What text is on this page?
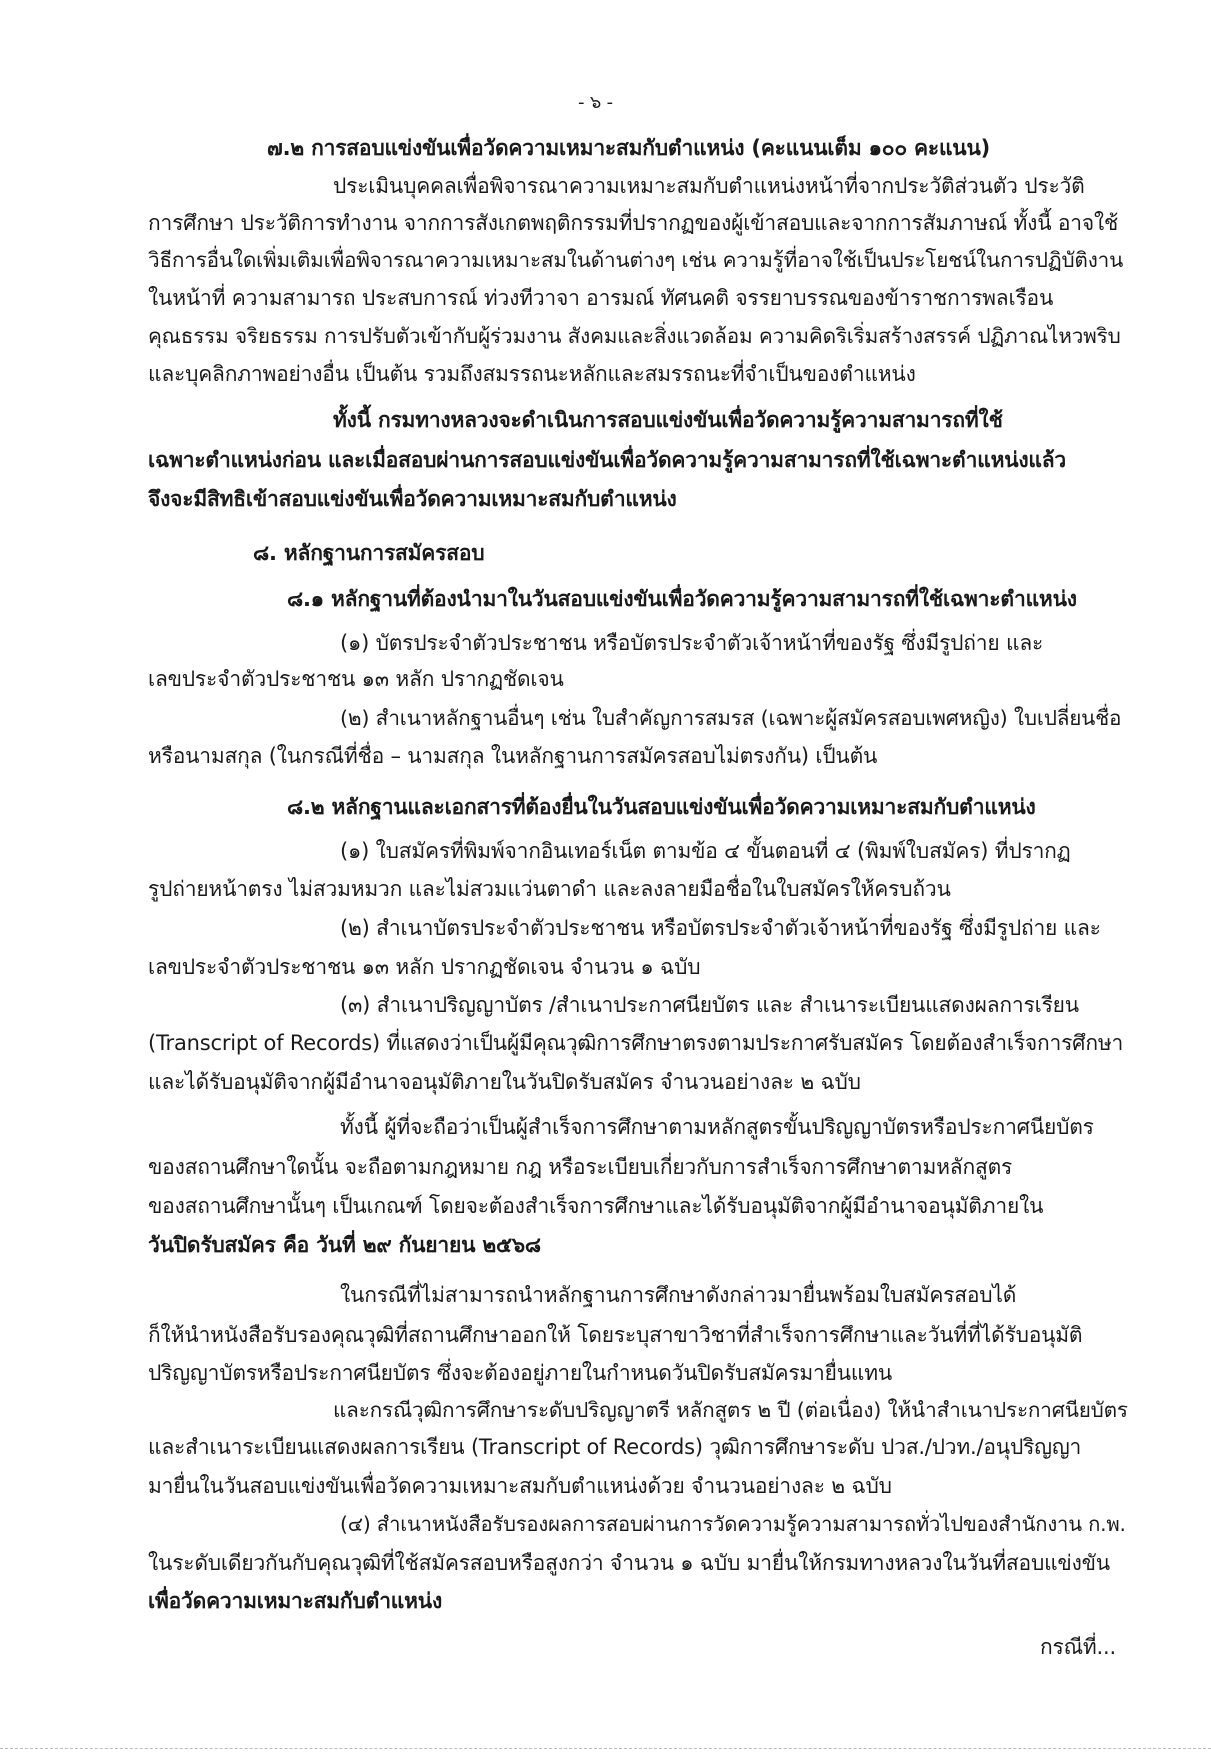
- ๖ -
๗.๒ การสอบแข่งขันเพื่อวัดความเหมาะสมกับตำแหน่ง (คะแนนเต็ม ๑๐๐ คะแนน)
ประเมินบุคคลเพื่อพิจารณาความเหมาะสมกับตำแหน่งหน้าที่จากประวัติส่วนตัว ประวัติ
การศึกษา ประวัติการทำงาน จากการสังเกตพฤติกรรมที่ปรากฏของผู้เข้าสอบและจากการสัมภาษณ์ ทั้งนี้ อาจใช้
วิธีการอื่นใดเพิ่มเติมเพื่อพิจารณาความเหมาะสมในด้านต่างๆ เช่น ความรู้ที่อาจใช้เป็นประโยชน์ในการปฏิบัติงาน
ในหน้าที่ ความสามารถ ประสบการณ์ ท่วงทีวาจา อารมณ์ ทัศนคติ จรรยาบรรณของข้าราชการพลเรือน
คุณธรรม จริยธรรม การปรับตัวเข้ากับผู้ร่วมงาน สังคมและสิ่งแวดล้อม ความคิดริเริ่มสร้างสรรค์ ปฏิภาณไหวพริบ
และบุคลิกภาพอย่างอื่น เป็นต้น รวมถึงสมรรถนะหลักและสมรรถนะที่จำเป็นของตำแหน่ง
ทั้งนี้ กรมทางหลวงจะดำเนินการสอบแข่งขันเพื่อวัดความรู้ความสามารถที่ใช้
เฉพาะตำแหน่งก่อน และเมื่อสอบผ่านการสอบแข่งขันเพื่อวัดความรู้ความสามารถที่ใช้เฉพาะตำแหน่งแล้ว
จึงจะมีสิทธิเข้าสอบแข่งขันเพื่อวัดความเหมาะสมกับตำแหน่ง
๘. หลักฐานการสมัครสอบ
๘.๑ หลักฐานที่ต้องนำมาในวันสอบแข่งขันเพื่อวัดความรู้ความสามารถที่ใช้เฉพาะตำแหน่ง
(๑) บัตรประจำตัวประชาชน หรือบัตรประจำตัวเจ้าหน้าที่ของรัฐ ซึ่งมีรูปถ่าย และ
เลขประจำตัวประชาชน ๑๓ หลัก ปรากฏชัดเจน
(๒) สำเนาหลักฐานอื่นๆ เช่น ใบสำคัญการสมรส (เฉพาะผู้สมัครสอบเพศหญิง) ใบเปลี่ยนชื่อ
หรือนามสกุล (ในกรณีที่ชื่อ – นามสกุล ในหลักฐานการสมัครสอบไม่ตรงกัน) เป็นต้น
๘.๒ หลักฐานและเอกสารที่ต้องยื่นในวันสอบแข่งขันเพื่อวัดความเหมาะสมกับตำแหน่ง
(๑) ใบสมัครที่พิมพ์จากอินเทอร์เน็ต ตามข้อ ๔ ขั้นตอนที่ ๔ (พิมพ์ใบสมัคร) ที่ปรากฏ
รูปถ่ายหน้าตรง ไม่สวมหมวก และไม่สวมแว่นตาดำ และลงลายมือชื่อในใบสมัครให้ครบถ้วน
(๒) สำเนาบัตรประจำตัวประชาชน หรือบัตรประจำตัวเจ้าหน้าที่ของรัฐ ซึ่งมีรูปถ่าย และ
เลขประจำตัวประชาชน ๑๓ หลัก ปรากฏชัดเจน จำนวน ๑ ฉบับ
(๓) สำเนาปริญญาบัตร /สำเนาประกาศนียบัตร และ สำเนาระเบียนแสดงผลการเรียน
(Transcript of Records) ที่แสดงว่าเป็นผู้มีคุณวุฒิการศึกษาตรงตามประกาศรับสมัคร โดยต้องสำเร็จการศึกษา
และได้รับอนุมัติจากผู้มีอำนาจอนุมัติภายในวันปิดรับสมัคร จำนวนอย่างละ ๒ ฉบับ
ทั้งนี้ ผู้ที่จะถือว่าเป็นผู้สำเร็จการศึกษาตามหลักสูตรขั้นปริญญาบัตรหรือประกาศนียบัตร
ของสถานศึกษาใดนั้น จะถือตามกฎหมาย กฎ หรือระเบียบเกี่ยวกับการสำเร็จการศึกษาตามหลักสูตร
ของสถานศึกษานั้นๆ เป็นเกณฑ์ โดยจะต้องสำเร็จการศึกษาและได้รับอนุมัติจากผู้มีอำนาจอนุมัติภายใน
วันปิดรับสมัคร คือ วันที่ ๒๙ กันยายน ๒๕๖๘
ในกรณีที่ไม่สามารถนำหลักฐานการศึกษาดังกล่าวมายื่นพร้อมใบสมัครสอบได้
ก็ให้นำหนังสือรับรองคุณวุฒิที่สถานศึกษาออกให้ โดยระบุสาขาวิชาที่สำเร็จการศึกษาและวันที่ที่ได้รับอนุมัติ
ปริญญาบัตรหรือประกาศนียบัตร ซึ่งจะต้องอยู่ภายในกำหนดวันปิดรับสมัครมายื่นแทน
และกรณีวุฒิการศึกษาระดับปริญญาตรี หลักสูตร ๒ ปี (ต่อเนื่อง) ให้นำสำเนาประกาศนียบัตร
และสำเนาระเบียนแสดงผลการเรียน (Transcript of Records) วุฒิการศึกษาระดับ ปวส./ปวท./อนุปริญญา
มายื่นในวันสอบแข่งขันเพื่อวัดความเหมาะสมกับตำแหน่งด้วย จำนวนอย่างละ ๒ ฉบับ
(๔) สำเนาหนังสือรับรองผลการสอบผ่านการวัดความรู้ความสามารถทั่วไปของสำนักงาน ก.พ.
ในระดับเดียวกันกับคุณวุฒิที่ใช้สมัครสอบหรือสูงกว่า จำนวน ๑ ฉบับ มายื่นให้กรมทางหลวงในวันที่สอบแข่งขัน
เพื่อวัดความเหมาะสมกับตำแหน่ง
กรณีที่...
